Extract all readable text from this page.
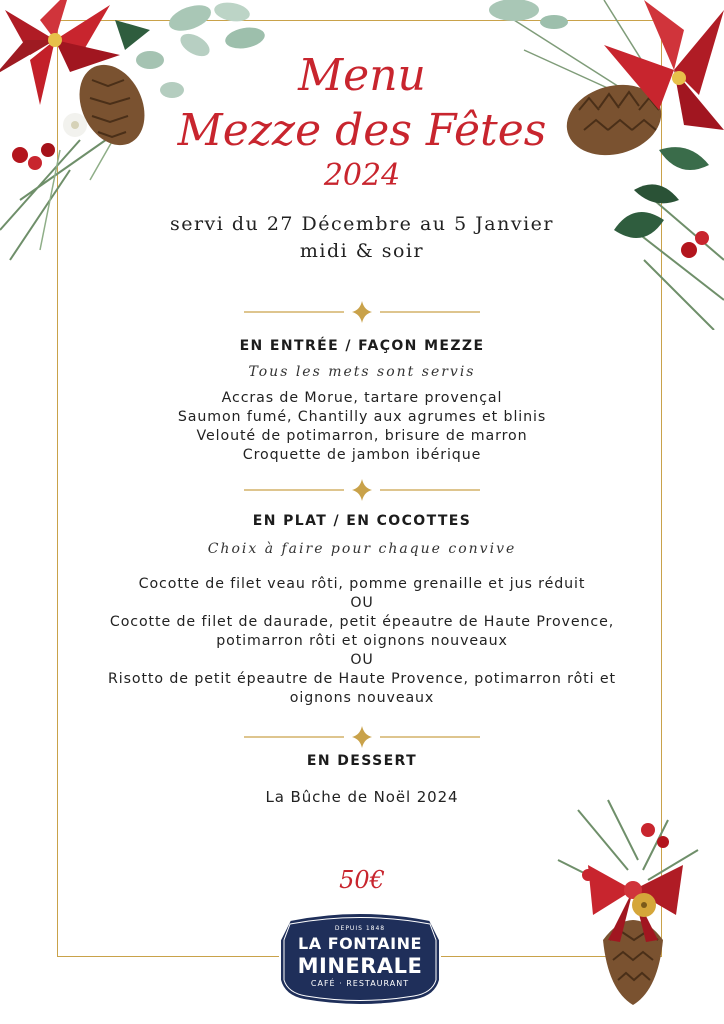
Menu
Mezze des Fêtes
2024
servi du 27 Décembre au 5 Janvier
midi & soir
EN ENTRÉE / FAÇON MEZZE
Tous les mets sont servis
Accras de Morue, tartare provençal
Saumon fumé, Chantilly aux agrumes et blinis
Velouté de potimarron, brisure de marron
Croquette de jambon ibérique
EN PLAT / EN COCOTTES
Choix à faire pour chaque convive
Cocotte de filet veau rôti, pomme grenaille et jus réduit
OU
Cocotte de filet de daurade, petit épeautre de Haute Provence,
potimarron rôti et oignons nouveaux
OU
Risotto de petit épeautre de Haute Provence, potimarron rôti et
oignons nouveaux
EN DESSERT
La Bûche de Noël 2024
50€
DEPUIS 1848
LA FONTAINE
MINERALE
CAFÉ · RESTAURANT
